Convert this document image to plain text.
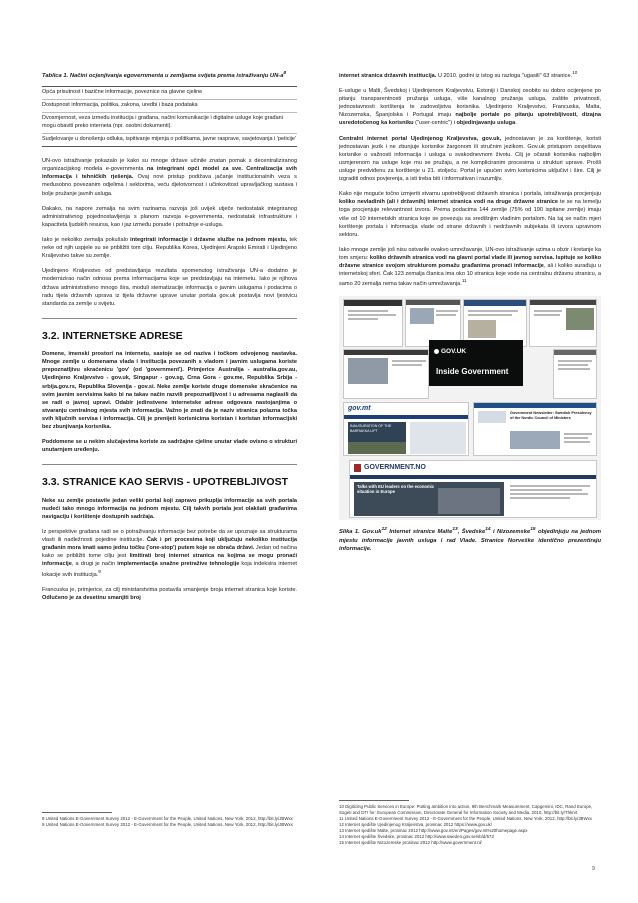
Tablica 1. Načini ocjenjivanja egovernmenta u zemljama svijeta prema istraživanju $UN-a^8$
Opća prisutnost i bazične informacije, poveznice na glavne cjeline
Dostupnost informacija, politika, zakona, uredbi i baza podataka
Dvosmjernost, veza između institucija i građana, načini komunikacije i digitalne usluge koje građani mogu obaviti preko interneta (npr. osobni dokumenti).
Sudjelovanje u donošenju odluka, ispitivanje mijenja o politikama, javne rasprave, savjetovanja i 'peticije'

UN-ovo istraživanje pokazalo je kako su mnoge države učinile znatan pomak s decentraliziranog organizacijskog modela e-governmenta na integrirani opći model za sve. Centralizacija svih informacija i tehničkih rješenja. Ovaj novi pristup podižava jačanje institucionalnih veza s međusobno povezanim odjelima i sektorima, veću djelotvornost i učinkovitost upravljačkog sustava i bolje pružanje javnih usluga.

Dakako, na napore zemalja na svim razinama razvoja još uvijek utječe nedostatak integriranog administrativnog pojednostavljenja s planom razvoja e-governmenta, nedostatak infrastrukture i kapaciteta ljudskih resursa, kao i jaz između ponude i potražnje e-usluga.

Iako je nekoliko zemalja pokušalo integrirati informacije i državne službe na jednom mjestu, tek neke od njih uspjele su se približiti tom cilju. Republika Korea, Ujedinjeni Arapski Emirati i Ujedinjeno Kraljevstvo takve su zemlje.

Ujedinjeno Kraljevstvo od predstavljanja rezultata spomenutog istraživanja UN-a dodatno je modernizirao način odnosa prema informacijama koje se predstavljaju na internetu. Iako je njihova država administrativno mnogo šira, moduli stematizacije informacija o javnim uslugama i podacima o radu tijela državnih uprava iz tijela državne uprave unutar portala gov.uk postavlja novi ljestvicu standarda za zemlje u svijetu.

3.2. INTERNETSKE ADRESE

Domene, imenski prostori na internetu, sastoje se od naziva i točkom odvojenog nastavka. Mnoge zemlje u domenama vlada i institucija povezanih s vladom i javnim uslugama koriste prepoznatljivu skraćenicu 'gov' (od 'government'). Primjerice Australija - australia.gov.au, Ujedinjeno Kraljevstvo - gov.uk, Singapur - gov.sg, Crna Gora - gov.me, Republika Srbija - srbija.gov.rs, Republika Slovenija - gov.si. Neke zemlje koriste druge domenske skraćenice na svim javnim servisima kako bi na takav način razvili prepoznatljivost i u adresama naglasili da se radi o javnoj upravi. Odabir jedinstvene internetske adrese odgovara nastojanjima o stvaranju centralnog mjesta svih informacija. Važno je znati da je naziv stranica polazna točka svih ključnih servisa i informacija. Cilj je prenijeti korisnicima koristan i koristan informacijski bez zbunjivanja korisnika.

Poddomene se u nekim slučajevima koriste za sadržajne cjeline unutar vlade ovisno o strukturi unutarnjem uređenju.

3.3. STRANICE KAO SERVIS - UPOTREBLJIVOST

Neke su zemlje postavile jedan veliki portal koji zapravo prikuplja informacije sa svih portala nudeći tako mnogo informacija na jednom mjestu. Cilj takvih portala jest olakšati građanima navigaciju i korištenje dostupnih sadržaja.

Iz perspektive građana radi se o potraživanju informacije bez potrebe da se upoznaje sa strukturama vlasti ili nadležnosti pojedine institucije. Čak i pri procesima koji uključuju nekoliko institucija građanin mora imati samo jednu točku ('one-stop') putem koje se obrača državi. Jedan od načina kako se približiti tome cilju jest limitirati broj internet stranica na kojima se mogu pronaći informacije, a drugi je način implementacija snažne pretražive tehnologije koja indeksira internet lokacije svih institucija.$^9$

Francuska je, primjerice, za cilj ministarstvima postavila smanjenje broja internet stranica koje koriste. Odlučeno je za desetinu smanjiti broj

8 United Nations E-Government Survey 2012 - E-Government for the People, United Nations, New York, 2012, http://bit.ly/JBWxx
9 United Nations E-Government Survey 2012 - E-Government for the People, United Nations, New York, 2012, http://bit.ly/JBWxx

internet stranica državnih institucija. U 2010. godini iz istog su razloga "ugasili" 63 stranice.$^{10}$

E-usluge u Malti, Švedskoj i Ujedinjenom Kraljevstvu, Estoniji i Danskoj osobito su dobro ocijenjene po pitanju transparentnosti pružanja usluga, više kanalnog pružanja usluga, zaštite privatnosti, jednostavnosti korištenja te zadovoljstva korisnika. Ujedinjeno Kraljevstvo, Francuska, Malta, Nizozemska, Španjolska i Portugal imaju najbolje portale po pitanju upotrebljivosti, dizajna usredotočenog ka korisniku ("user-centric") i objedinjavanju usluga.

Centralni internet portal Ujedinjenog Kraljevstva, gov.uk, jednostavan je za korištenje, koristi jednostavan jezik i ne zbunjuje korisnike žargonom ili stručnim jezikom. Gov.uk pristupom osvještava korisnike o važnosti informacija i usluga u svakodnevnom životu. Cilj je očarati korisnika najboljim usmjerenom na usluge koje mu se pružaju, a ne kompliciranim procesima u strukturi uprave. Prošli usluge predviđenu za korištenje u 21. stoljeću. Portal je upućen svim korisnicima uključivi i šire. Cilj je izgraditi odnos povjerenja, a isti treba biti i informativan i razumljiv.

Kako nije moguće točno izmjeriti stvarnu upotrebljivost državnih stranica i portala, istraživanja procjenjuju koliko nevladinih (ali i državnih) internet stranica vodi na druge državne stranice te se na temelju toga procjenjuje relevantnost izvora. Prema podacima 144 zemlje (75% od 190 ispitane zemlje) imaju više od 10 internetskih stranica koje se povezuju sa središnjim vladinim portalom. Na taj se način mjeri korištenje portala i informacija vlade od strane državnih i nedržavnih subjekata ili izvora upravnom sektoru.

Iako mnoge zemlje još nisu ostvarile ovakvo umrežavanje, UN-ovo istraživanje uzima u obzir i kretanje ka tom smjeru: koliko državnih stranica vodi na glavni portal vlade ili javnog servisa. Ispituje se koliko državne stranice svojom strukturom pomažu građanima pronaći informacije, ali i koliko surađuju u internetskoj sferi. Čak 123 zemalja članica ima oko 10 stranica koje vode na centralnu državnu stranicu, a samo 20 zemalja nema takav način umrežavanja.$^{11}$

GOV.UK
Inside Government
gov.mt
INAUGURATION OF THE BARRAKKA LIFT
Government Newsletter: Swedish Presidency of the Nordic Council of Ministers
GOVERNMENT.NO
Talks with EU leaders on the economic situation in Europe
Slika 1. $Gov.uk^{12}$ Internet stranice Malte$^{13}$, Švedske$^{14}$ i Nizozemske$^{15}$ objedinjuju na jednom mjestu informacije javnih usluga i rad Vlade. Stranice Norveške identično prezentiraju informacije.
10 Digitizing Public Services in Europe: Putting ambition into action, 9th Benchmark Measurement, Capgemini, IDC, Rand Europe, Sogeti and DTI for: European Commission, Directorate General for Information Society and Media, 2010, http://bit.ly/Thkrvt
11 United Nations E-Government Survey 2012 - E-Government for the People, United Nations, New York, 2012, http://bit.ly/JBWxx
12 Internet sjedište Ujedinjenog Kraljevstva, prosinac 2012 https://www.gov.uk/
13 Internet sjedište Malte, prosinac 2012 http://www.gov.mt/en/Pages/gov.mt%20homepage.aspx
14 Internet sjedište Švedske, prosinac 2012 http://www.sweden.gov.se/sb/d/572
15 Internet sjedište Nizozemske prosinac 2012 http://www.government.nl/
9
